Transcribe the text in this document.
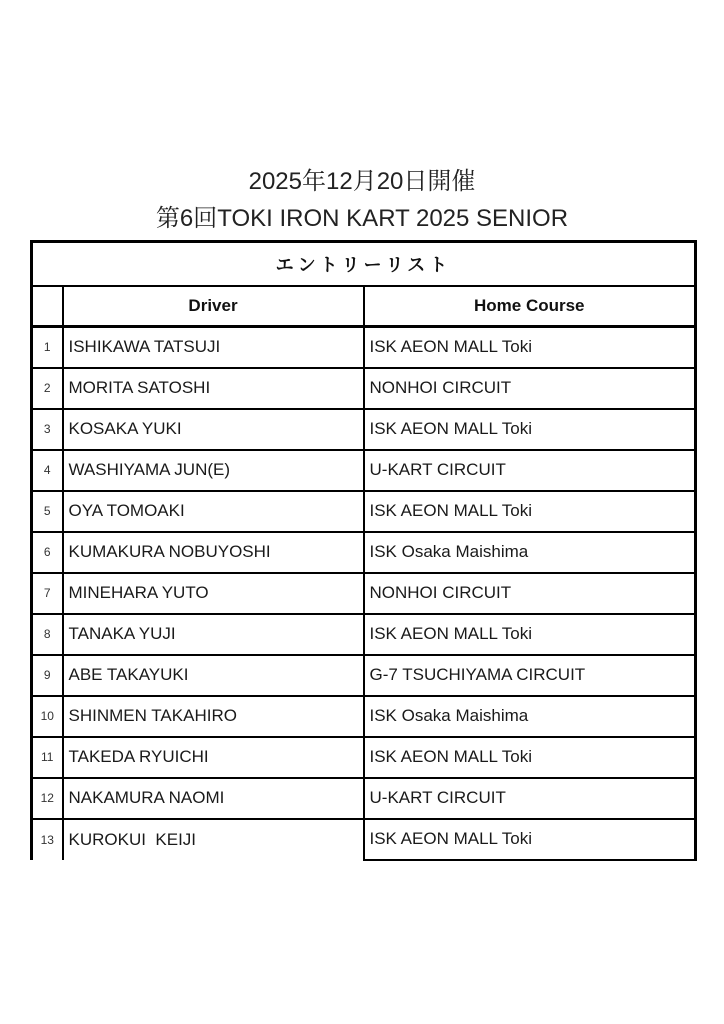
2025年12月20日開催
第6回TOKI IRON KART 2025 SENIOR
エントリーリスト		
	Driver	Home Course
1	ISHIKAWA TATSUJI	ISK AEON MALL Toki
2	MORITA SATOSHI	NONHOI CIRCUIT
3	KOSAKA YUKI	ISK AEON MALL Toki
4	WASHIYAMA JUN(E)	U-KART CIRCUIT
5	OYA TOMOAKI	ISK AEON MALL Toki
6	KUMAKURA NOBUYOSHI	ISK Osaka Maishima
7	MINEHARA YUTO	NONHOI CIRCUIT
8	TANAKA YUJI	ISK AEON MALL Toki
9	ABE TAKAYUKI	G-7 TSUCHIYAMA CIRCUIT
10	SHINMEN TAKAHIRO	ISK Osaka Maishima
11	TAKEDA RYUICHI	ISK AEON MALL Toki
12	NAKAMURA NAOMI	U-KART CIRCUIT
13	KUROKUI  KEIJI	ISK AEON MALL Toki
